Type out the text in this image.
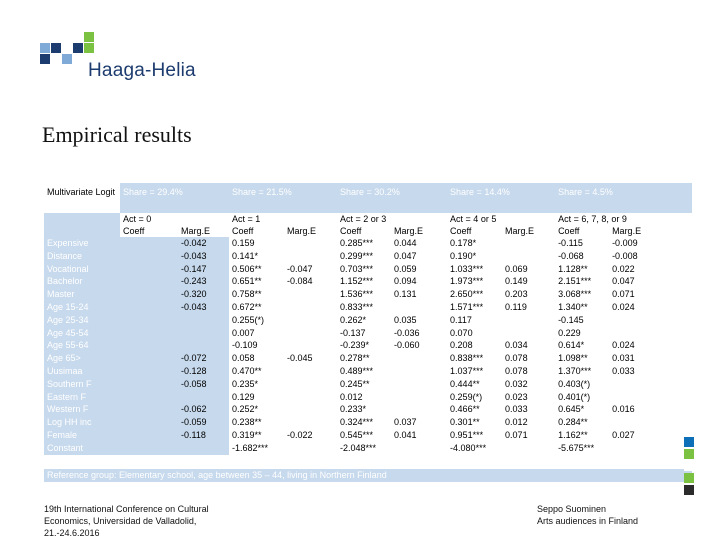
Haaga-Helia
Empirical results
Multivariate Logit	Share = 29.4%		Share = 21.5%		Share = 30.2%		Share = 14.4%		Share = 4.5%	
	Act = 0		Act = 1		Act = 2 or 3		Act = 4 or 5		Act = 6, 7, 8, or 9	
	Coeff	Marg.E	Coeff	Marg.E	Coeff	Marg.E	Coeff	Marg.E	Coeff	Marg.E
Expensive		-0.042	0.159		0.285***	0.044	0.178*		-0.115	-0.009
Distance		-0.043	0.141*		0.299***	0.047	0.190*		-0.068	-0.008
Vocational		-0.147	0.506**	-0.047	0.703***	0.059	1.033***	0.069	1.128**	0.022
Bachelor		-0.243	0.651**	-0.084	1.152***	0.094	1.973***	0.149	2.151***	0.047
Master		-0.320	0.758**		1.536***	0.131	2.650***	0.203	3.068***	0.071
Age 15-24		-0.043	0.672**		0.833***		1.571***	0.119	1.340**	0.024
Age 25-34			0.255(*)		0.262*	0.035	0.117		-0.145	
Age 45-54			0.007		-0.137	-0.036	0.070		0.229	
Age 55-64			-0.109		-0.239*	-0.060	0.208	0.034	0.614*	0.024
Age 65>		-0.072	0.058	-0.045	0.278**		0.838***	0.078	1.098**	0.031
Uusimaa		-0.128	0.470**		0.489***		1.037***	0.078	1.370***	0.033
Southern F		-0.058	0.235*		0.245**		0.444**	0.032	0.403(*)	
Eastern F			0.129		0.012		0.259(*)	0.023	0.401(*)	
Western F		-0.062	0.252*		0.233*		0.466**	0.033	0.645*	0.016
Log HH inc		-0.059	0.238**		0.324***	0.037	0.301**	0.012	0.284**	
Female		-0.118	0.319**	-0.022	0.545***	0.041	0.951***	0.071	1.162**	0.027
Constant			-1.682***		-2.048***		-4.080***		-5.675***	
Reference group: Elementary school, age between 35 – 44, living in Northern Finland
19th International Conference on Cultural Economics, Universidad de Valladolid, 21.-24.6.2016
Seppo Suominen
Arts audiences in Finland
